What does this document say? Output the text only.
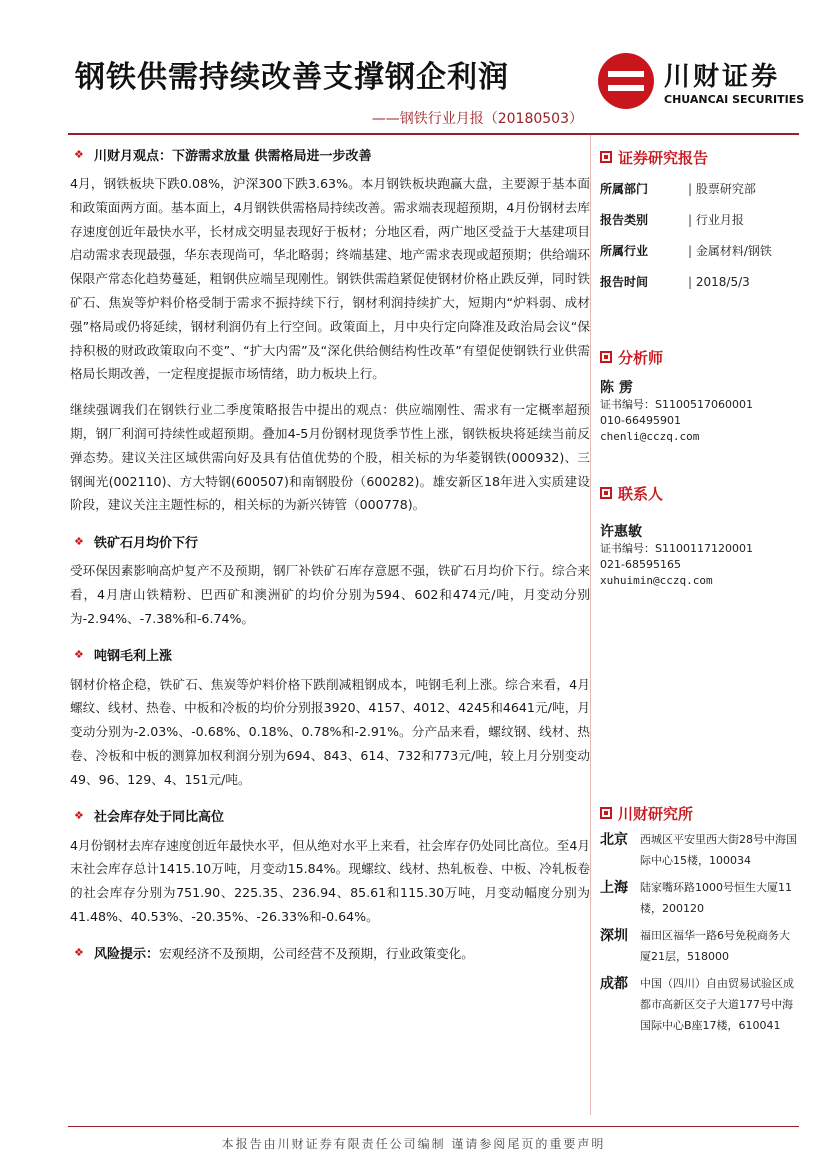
钢铁供需持续改善支撑钢企利润
——钢铁行业月报（20180503）
川财证券
CHUANCAI SECURITIES
❖ 川财月观点：下游需求放量 供需格局进一步改善

4月，钢铁板块下跌0.08%，沪深300下跌3.63%。本月钢铁板块跑赢大盘，主要源于基本面和政策面两方面。基本面上，4月钢铁供需格局持续改善。需求端表现超预期，4月份钢材去库存速度创近年最快水平，长材成交明显表现好于板材；分地区看，两广地区受益于大基建项目启动需求表现最强，华东表现尚可，华北略弱；终端基建、地产需求表现或超预期；供给端环保限产常态化趋势蔓延，粗钢供应端呈现刚性。钢铁供需趋紧促使钢材价格止跌反弹，同时铁矿石、焦炭等炉料价格受制于需求不振持续下行，钢材利润持续扩大，短期内“炉料弱、成材强”格局或仍将延续，钢材利润仍有上行空间。政策面上，月中央行定向降准及政治局会议“保持积极的财政政策取向不变”、“扩大内需”及“深化供给侧结构性改革”有望促使钢铁行业供需格局长期改善，一定程度提振市场情绪，助力板块上行。

继续强调我们在钢铁行业二季度策略报告中提出的观点：供应端刚性、需求有一定概率超预期，钢厂利润可持续性或超预期。叠加4-5月份钢材现货季节性上涨，钢铁板块将延续当前反弹态势。建议关注区域供需向好及具有估值优势的个股，相关标的为华菱钢铁(000932)、三钢闽光(002110)、方大特钢(600507)和南钢股份（600282)。雄安新区18年进入实质建设阶段，建议关注主题性标的，相关标的为新兴铸管（000778)。

❖ 铁矿石月均价下行

受环保因素影响高炉复产不及预期，钢厂补铁矿石库存意愿不强，铁矿石月均价下行。综合来看，4月唐山铁精粉、巴西矿和澳洲矿的均价分别为594、602和474元/吨，月变动分别为-2.94%、-7.38%和-6.74%。

❖ 吨钢毛利上涨

钢材价格企稳，铁矿石、焦炭等炉料价格下跌削减粗钢成本，吨钢毛利上涨。综合来看，4月螺纹、线材、热卷、中板和冷板的均价分别报3920、4157、4012、4245和4641元/吨，月变动分别为-2.03%、-0.68%、0.18%、0.78%和-2.91%。分产品来看，螺纹钢、线材、热卷、冷板和中板的测算加权利润分别为694、843、614、732和773元/吨，较上月分别变动49、96、129、4、151元/吨。

❖ 社会库存处于同比高位

4月份钢材去库存速度创近年最快水平，但从绝对水平上来看，社会库存仍处同比高位。至4月末社会库存总计1415.10万吨，月变动15.84%。现螺纹、线材、热轧板卷、中板、冷轧板卷的社会库存分别为751.90、225.35、236.94、85.61和115.30万吨，月变动幅度分别为41.48%、40.53%、-20.35%、-26.33%和-0.64%。

❖ 风险提示： 宏观经济不及预期，公司经营不及预期，行业政策变化。
证券研究报告
所属部门	| 股票研究部
报告类别	| 行业月报
所属行业	| 金属材料/钢铁
报告时间	| 2018/5/3
分析师
陈 雳
证书编号：S1100517060001
010-66495901
chenli@cczq.com
联系人
许惠敏
证书编号：S1100117120001
021-68595165
xuhuimin@cczq.com
川财研究所
北京	西城区平安里西大街28号中海国际中心15楼，100034
上海	陆家嘴环路1000号恒生大厦11楼，200120
深圳	福田区福华一路6号免税商务大厦21层，518000
成都	中国（四川）自由贸易试验区成都市高新区交子大道177号中海国际中心B座17楼，610041
本报告由川财证券有限责任公司编制 谨请参阅尾页的重要声明
